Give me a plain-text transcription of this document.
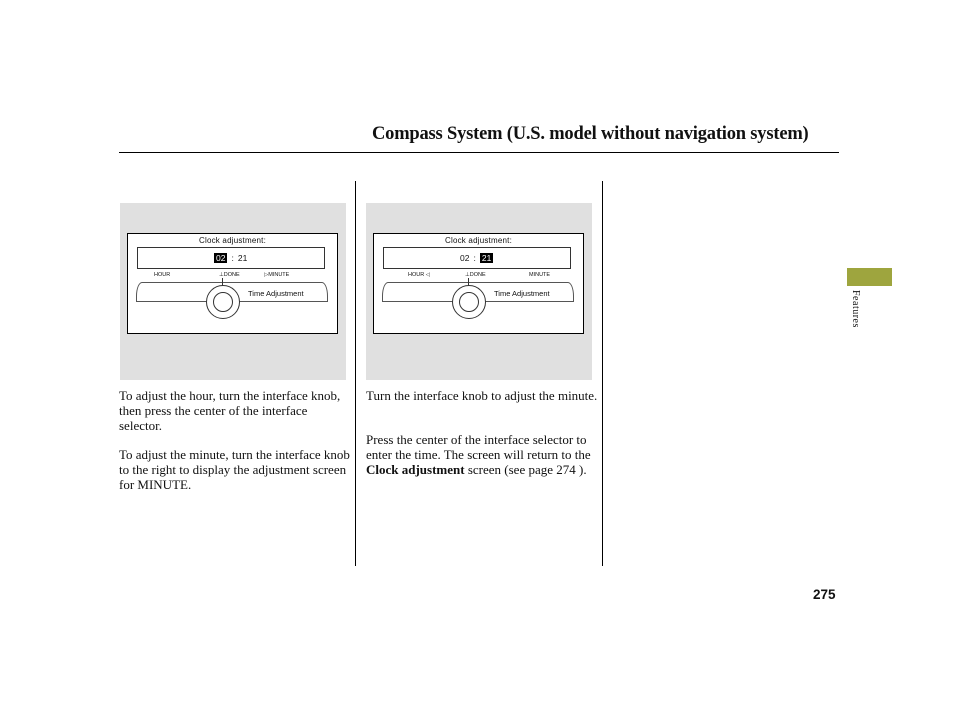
Compass System (U.S. model without navigation system)
Clock adjustment:
02 : 21
HOUR	⊥DONE	▷MINUTE
Time Adjustment
Clock adjustment:
02 : 21
HOUR ◁	⊥DONE	MINUTE
Time Adjustment
To adjust the hour, turn the interface knob, then press the center of the interface selector.
To adjust the minute, turn the interface knob to the right to display the adjustment screen for MINUTE.
Turn the interface knob to adjust the minute.
Press the center of the interface selector to enter the time. The screen will return to the Clock adjustment screen (see page 274 ).
Features
275
